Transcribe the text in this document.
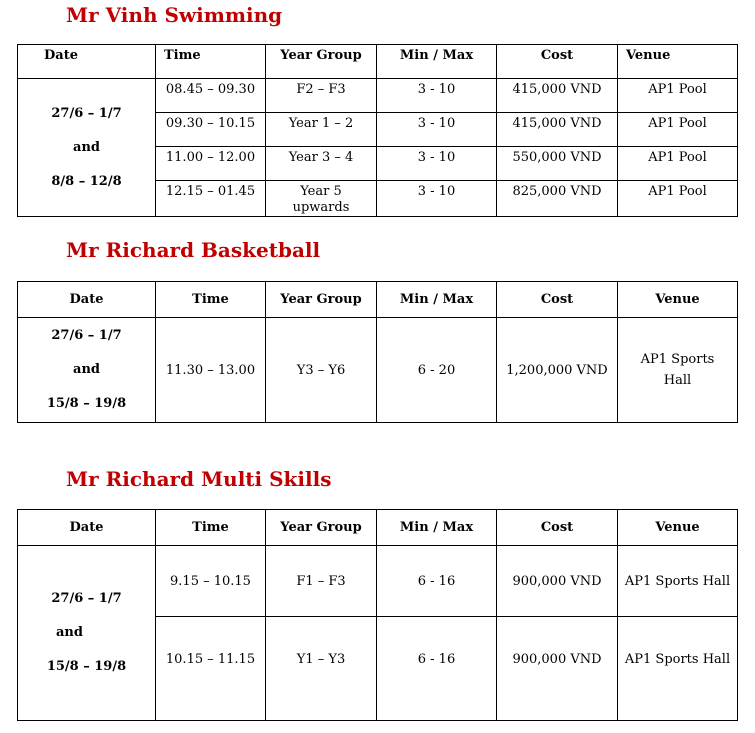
Mr Vinh Swimming
Date	Time	Year Group	Min / Max	Cost	Venue

27/6 – 1/7
and
8/8 – 12/8	08.45 – 09.30	F2 – F3	3 - 10	415,000 VND	AP1 Pool
	09.30 – 10.15	Year 1 – 2	3 - 10	415,000 VND	AP1 Pool
	11.00 – 12.00	Year 3 – 4	3 - 10	550,000 VND	AP1 Pool
	12.15 – 01.45	Year 5 upwards	3 - 10	825,000 VND	AP1 Pool
Mr Richard Basketball
Date	Time	Year Group	Min / Max	Cost	Venue

27/6 – 1/7
and
15/8 – 19/8	11.30 – 13.00	Y3 – Y6	6 - 20	1,200,000 VND	AP1 Sports Hall
Mr Richard Multi Skills
Date	Time	Year Group	Min / Max	Cost	Venue

27/6 – 1/7
and
15/8 – 19/8	9.15 – 10.15	F1 – F3	6 - 16	900,000 VND	AP1 Sports Hall
	10.15 – 11.15	Y1 – Y3	6 - 16	900,000 VND	AP1 Sports Hall
